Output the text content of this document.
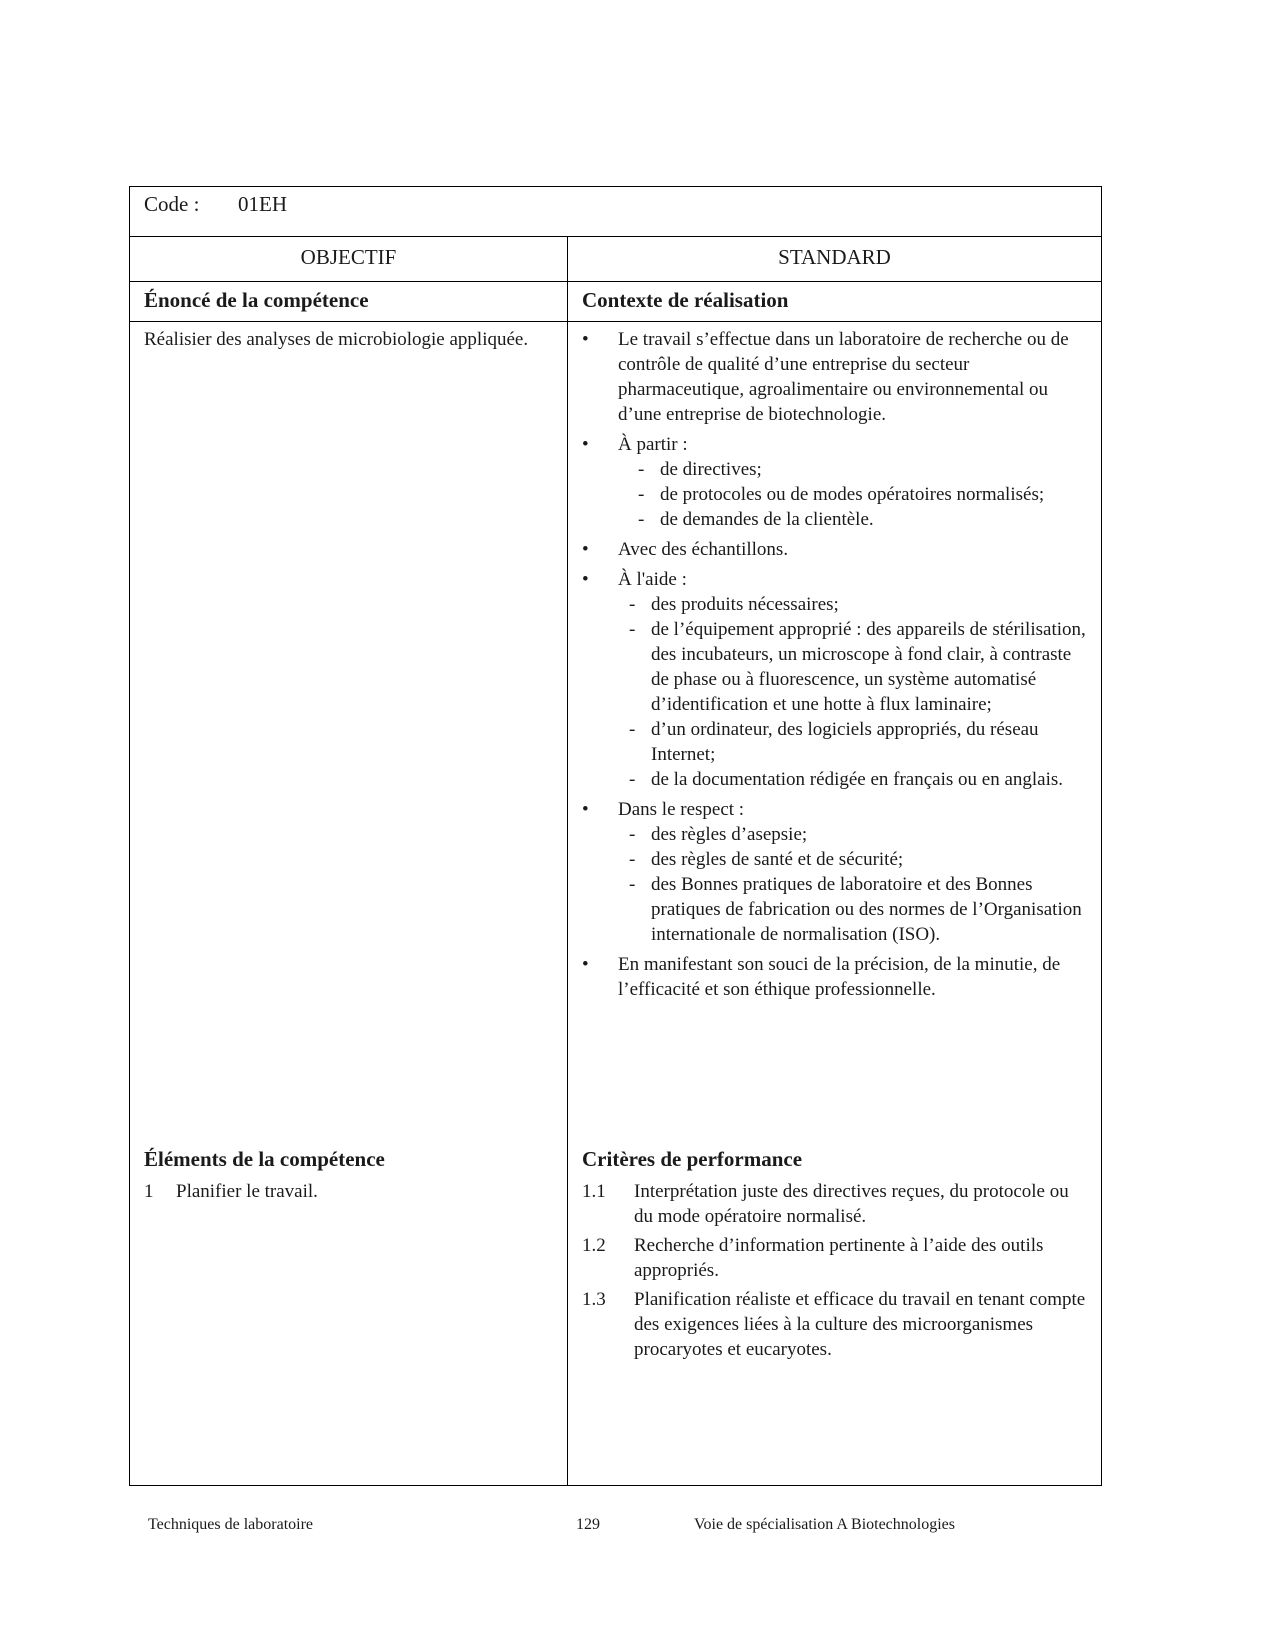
Code : 01EH
OBJECTIF	STANDARD
Énoncé de la compétence	Contexte de réalisation
Réalisier des analyses de microbiologie appliquée.	• Le travail s’effectue dans un laboratoire de recherche ou de contrôle de qualité d’une entreprise du secteur pharmaceutique, agroalimentaire ou environnemental ou d’une entreprise de biotechnologie.
• À partir :
- de directives;
- de protocoles ou de modes opératoires normalisés;
- de demandes de la clientèle.
• Avec des échantillons.
• À l'aide :
- des produits nécessaires;
- de l’équipement approprié : des appareils de stérilisation, des incubateurs, un microscope à fond clair, à contraste de phase ou à fluorescence, un système automatisé d’identification et une hotte à flux laminaire;
- d’un ordinateur, des logiciels appropriés, du réseau Internet;
- de la documentation rédigée en français ou en anglais.
• Dans le respect :
- des règles d’asepsie;
- des règles de santé et de sécurité;
- des Bonnes pratiques de laboratoire et des Bonnes pratiques de fabrication ou des normes de l’Organisation internationale de normalisation (ISO).
• En manifestant son souci de la précision, de la minutie, de l’efficacité et son éthique professionnelle.
Éléments de la compétence	Critères de performance
1 Planifier le travail.	1.1 Interprétation juste des directives reçues, du protocole ou du mode opératoire normalisé.
1.2 Recherche d’information pertinente à l’aide des outils appropriés.
1.3 Planification réaliste et efficace du travail en tenant compte des exigences liées à la culture des microorganismes procaryotes et eucaryotes.
Techniques de laboratoire	129	Voie de spécialisation A Biotechnologies
